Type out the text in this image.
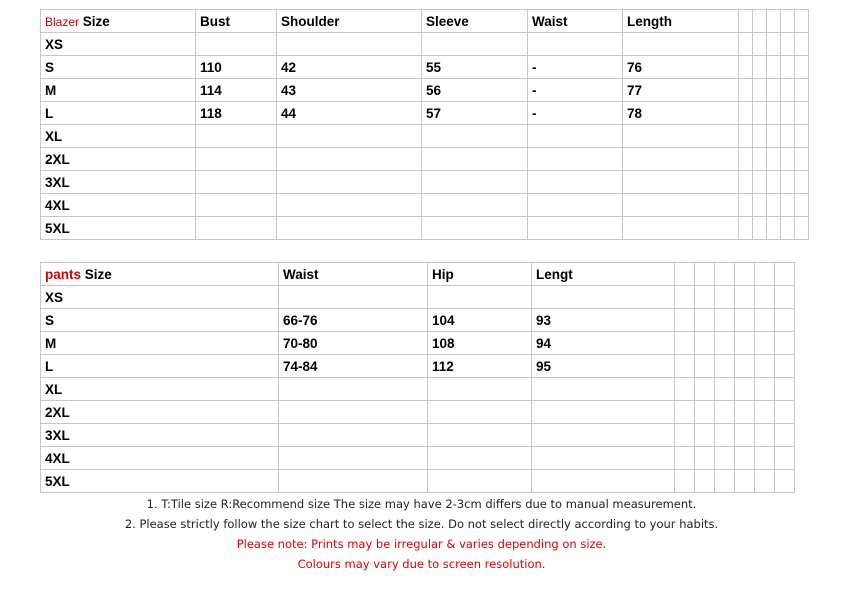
Blazer Size	Bust	Shoulder	Sleeve	Waist	Length					
XS										
S	110	42	55	-	76					
M	114	43	56	-	77					
L	118	44	57	-	78					
XL										
2XL										
3XL										
4XL										
5XL										
pants Size	Waist	Hip	Lengt						
XS									
S	66-76	104	93						
M	70-80	108	94						
L	74-84	112	95						
XL									
2XL									
3XL									
4XL									
5XL									
1. T:Tile size R:Recommend size The size may have 2-3cm differs due to manual measurement.
2. Please strictly follow the size chart to select the size. Do not select directly according to your habits.
Please note: Prints may be irregular & varies depending on size.
Colours may vary due to screen resolution.
